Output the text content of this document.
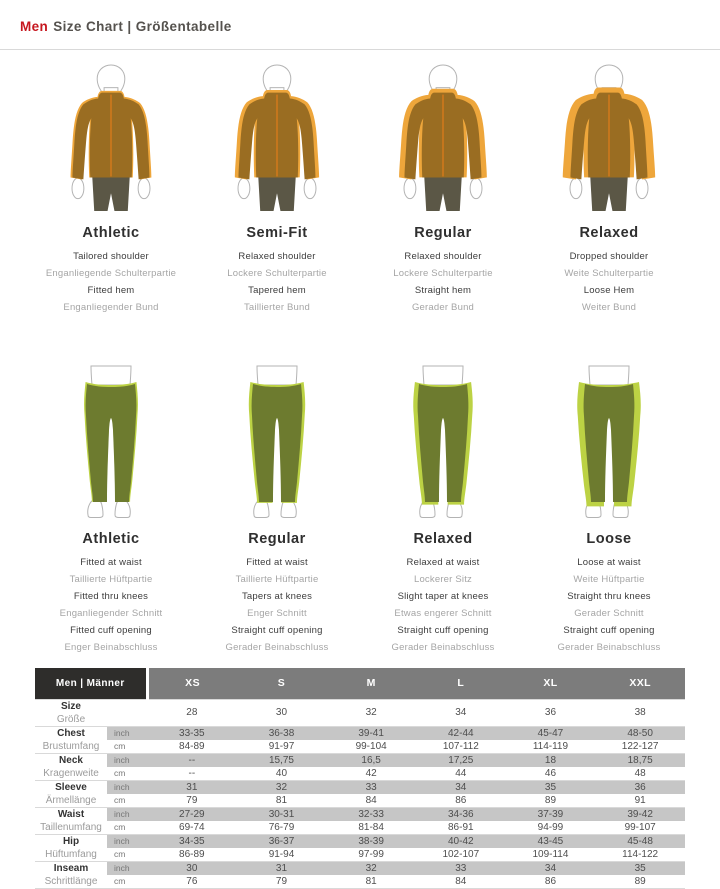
Men Size Chart | Größentabelle
Athletic
Tailored shoulder
Enganliegende Schulterpartie
Fitted hem
Enganliegender Bund
Semi-Fit
Relaxed shoulder
Lockere Schulterpartie
Tapered hem
Taillierter Bund
Regular
Relaxed shoulder
Lockere Schulterpartie
Straight hem
Gerader Bund
Relaxed
Dropped shoulder
Weite Schulterpartie
Loose Hem
Weiter Bund
Athletic
Fitted at waist
Taillierte Hüftpartie
Fitted thru knees
Enganliegender Schnitt
Fitted cuff opening
Enger Beinabschluss
Regular
Fitted at waist
Taillierte Hüftpartie
Tapers at knees
Enger Schnitt
Straight cuff opening
Gerader Beinabschluss
Relaxed
Relaxed at waist
Lockerer Sitz
Slight taper at knees
Etwas engerer Schnitt
Straight cuff opening
Gerader Beinabschluss
Loose
Loose at waist
Weite Hüftpartie
Straight thru knees
Gerader Schnitt
Straight cuff opening
Gerader Beinabschluss
Men | Männer		XS	S	M	L	XL	XXL
Size		28	30	32	34	36	38
Größe							
Chest	inch	33-35	36-38	39-41	42-44	45-47	48-50
Brustumfang	cm	84-89	91-97	99-104	107-112	114-119	122-127
Neck	inch	--	15,75	16,5	17,25	18	18,75
Kragenweite	cm	--	40	42	44	46	48
Sleeve	inch	31	32	33	34	35	36
Ärmellänge	cm	79	81	84	86	89	91
Waist	inch	27-29	30-31	32-33	34-36	37-39	39-42
Taillenumfang	cm	69-74	76-79	81-84	86-91	94-99	99-107
Hip	inch	34-35	36-37	38-39	40-42	43-45	45-48
Hüftumfang	cm	86-89	91-94	97-99	102-107	109-114	114-122
Inseam	inch	30	31	32	33	34	35
Schrittlänge	cm	76	79	81	84	86	89
